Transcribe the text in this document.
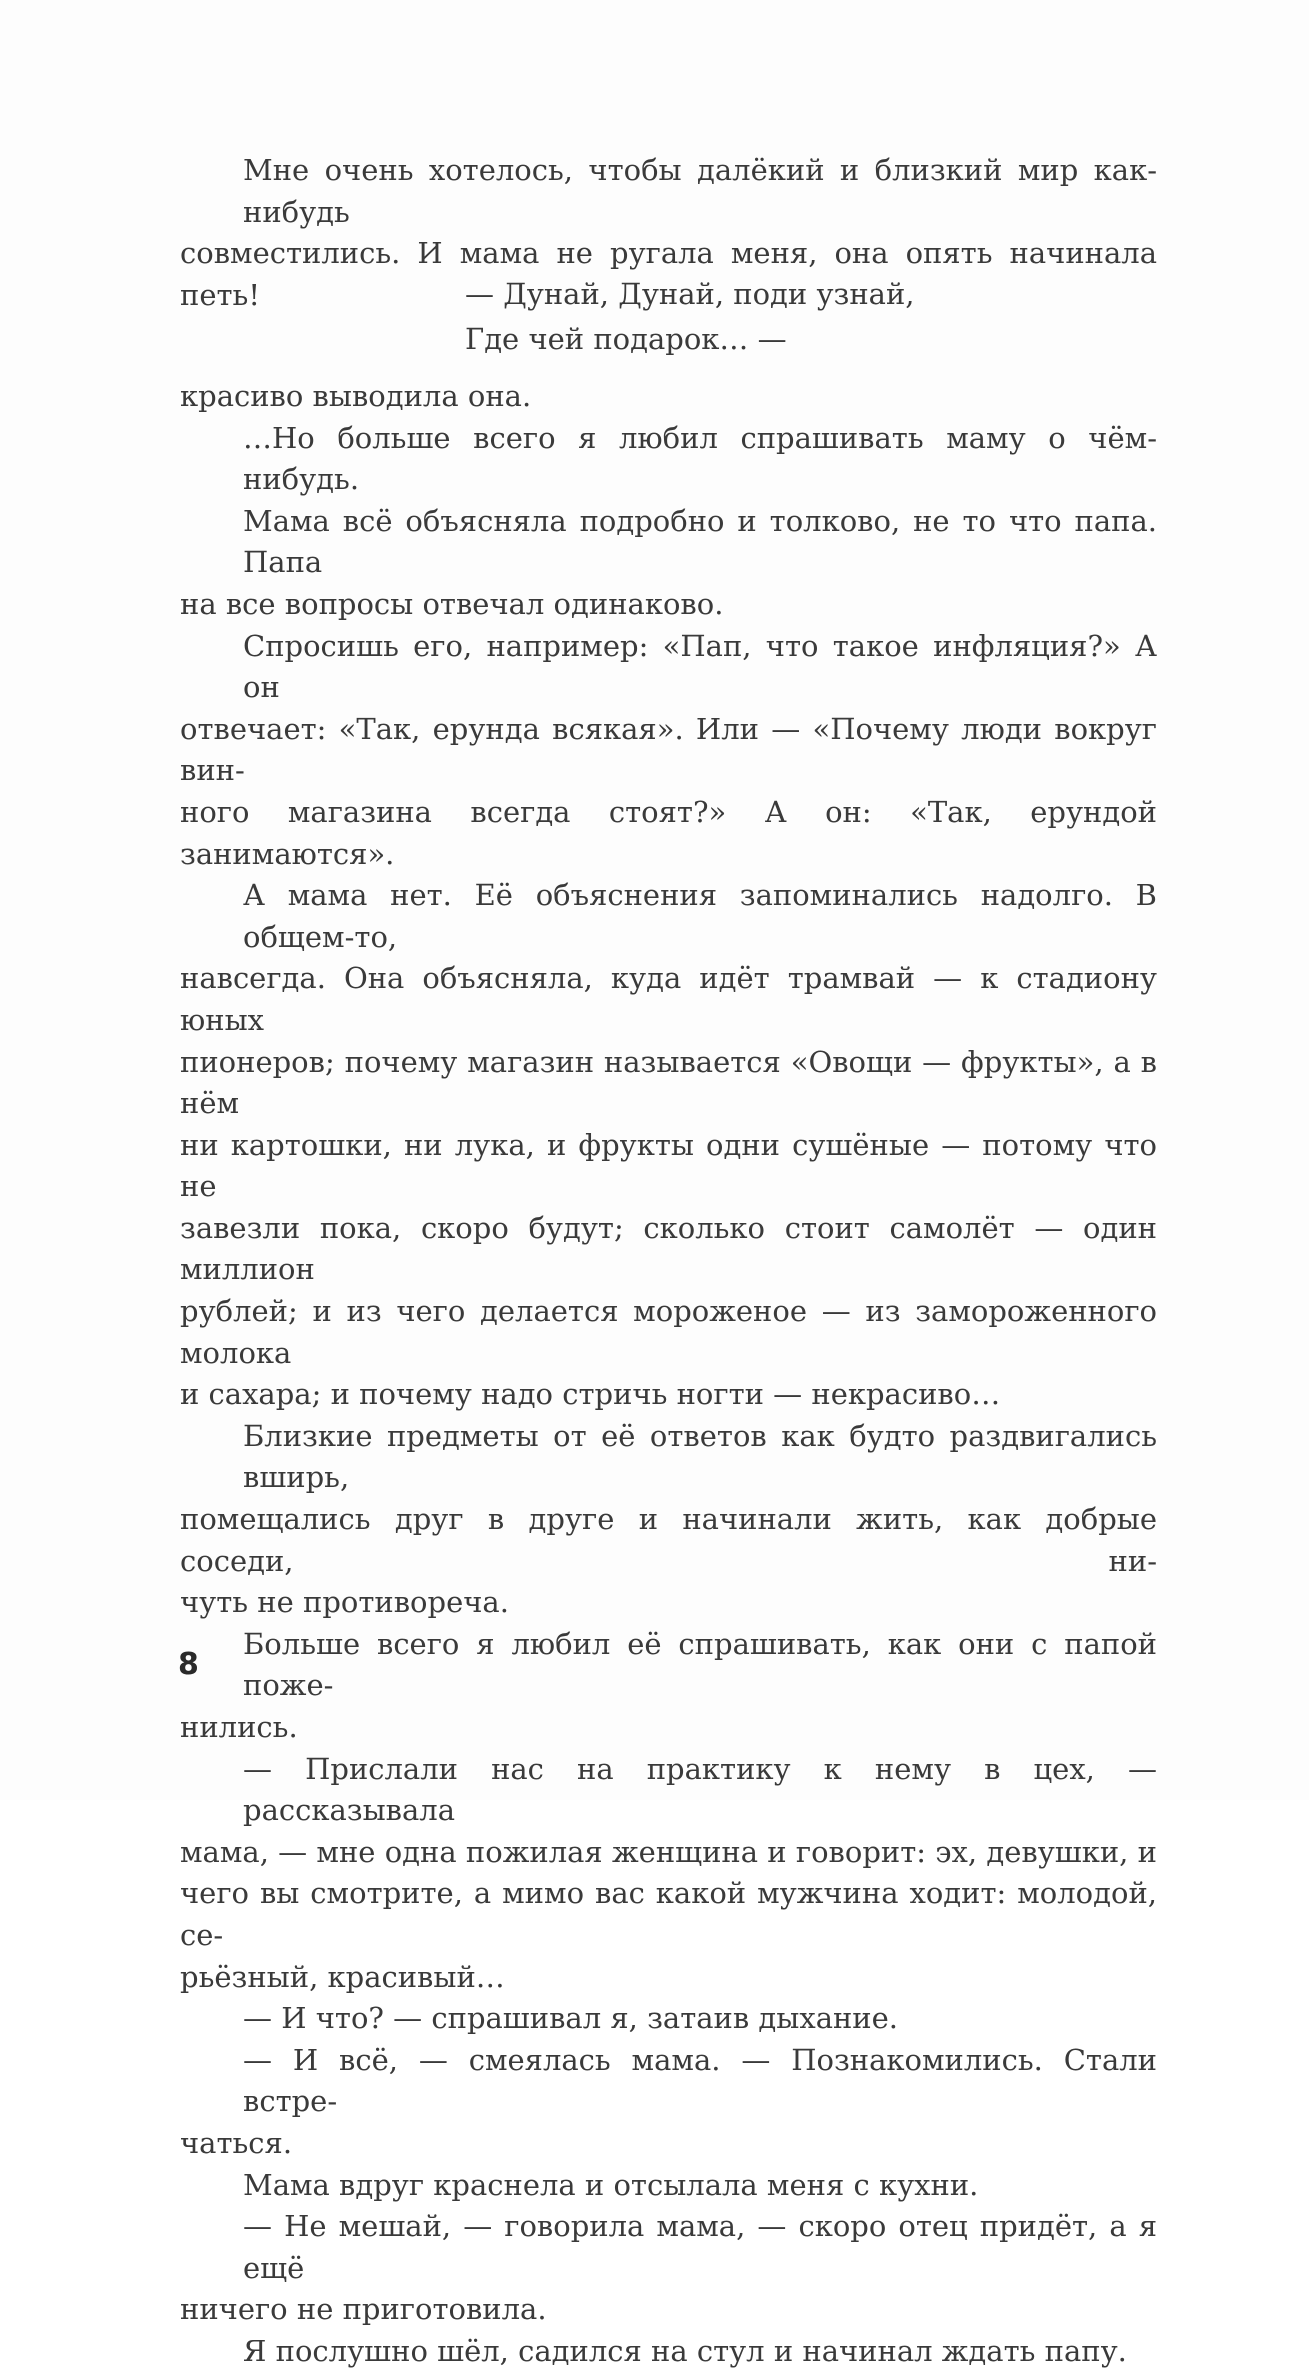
Мне очень хотелось, чтобы далёкий и близкий мир как-нибудь
совместились. И мама не ругала меня, она опять начинала петь!	— Дунай, Дунай, поди узнай,
Где чей подарок… —
красиво выводила она.
…Но больше всего я любил спрашивать маму о чём-нибудь.
Мама всё объясняла подробно и толково, не то что папа. Папа
на все вопросы отвечал одинаково.
Спросишь его, например: «Пап, что такое инфляция?» А он
отвечает: «Так, ерунда всякая». Или — «Почему люди вокруг вин-
ного магазина всегда стоят?» А он: «Так, ерундой занимаются».
А мама нет. Её объяснения запоминались надолго. В общем-то,
навсегда. Она объясняла, куда идёт трамвай — к стадиону юных
пионеров; почему магазин называется «Овощи — фрукты», а в нём
ни картошки, ни лука, и фрукты одни сушёные — потому что не
завезли пока, скоро будут; сколько стоит самолёт — один миллион
рублей; и из чего делается мороженое — из замороженного молока
и сахара; и почему надо стричь ногти — некрасиво…
Близкие предметы от её ответов как будто раздвигались вширь,
помещались друг в друге и начинали жить, как добрые соседи, ни-
чуть не противореча.
Больше всего я любил её спрашивать, как они с папой поже-
нились.
— Прислали нас на практику к нему в цех, — рассказывала
мама, — мне одна пожилая женщина и говорит: эх, девушки, и
чего вы смотрите, а мимо вас какой мужчина ходит: молодой, се-
рьёзный, красивый…
— И что? — спрашивал я, затаив дыхание.
— И всё, — смеялась мама. — Познакомились. Стали встре-
чаться.
Мама вдруг краснела и отсылала меня с кухни.
— Не мешай, — говорила мама, — скоро отец придёт, а я ещё
ничего не приготовила.
Я послушно шёл, садился на стул и начинал ждать папу.
8
